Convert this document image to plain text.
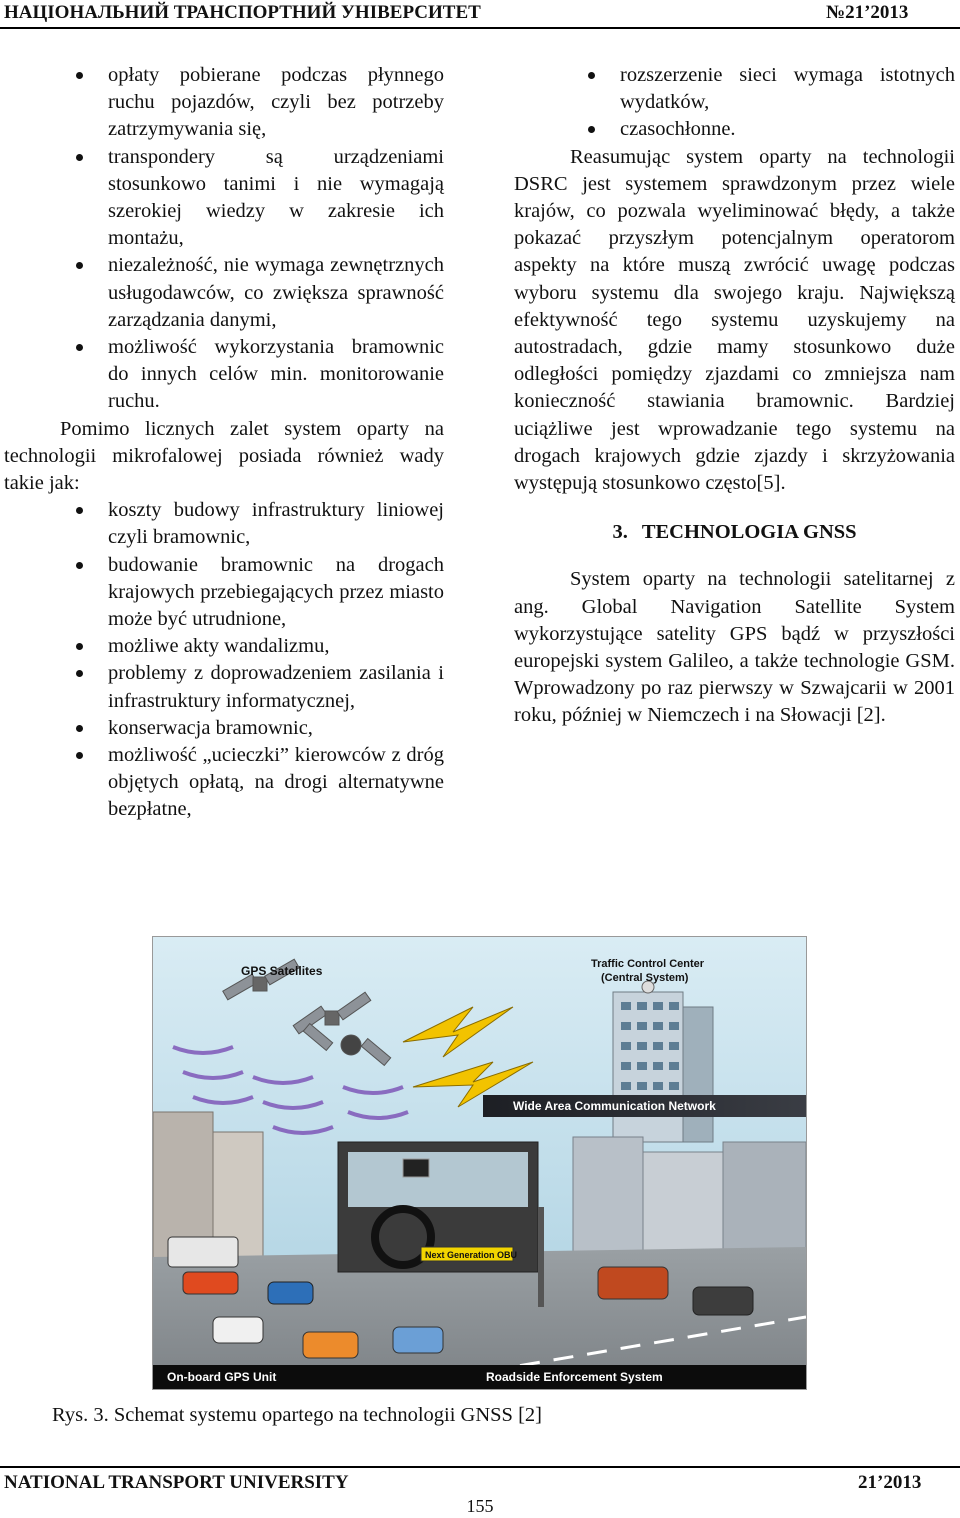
НАЦІОНАЛЬНИЙ ТРАНСПОРТНИЙ УНІВЕРСИТЕТ	№21’2013
opłaty pobierane podczas płynnego ruchu pojazdów, czyli bez potrzeby zatrzymywania się,
transpondery są urządzeniami stosunkowo tanimi i nie wymagają szerokiej wiedzy w zakresie ich montażu,
niezależność, nie wymaga zewnętrznych usługodawców, co zwiększa sprawność zarządzania danymi,
możliwość wykorzystania bramownic do innych celów min. monitorowanie ruchu.

Pomimo licznych zalet system oparty na technologii mikrofalowej posiada również wady takie jak:

koszty budowy infrastruktury liniowej czyli bramownic,
budowanie bramownic na drogach krajowych przebiegających przez miasto może być utrudnione,
możliwe akty wandalizmu,
problemy z doprowadzeniem zasilania i infrastruktury informatycznej,
konserwacja bramownic,
możliwość „ucieczki” kierowców z dróg objętych opłatą, na drogi alternatywne bezpłatne,
rozszerzenie sieci wymaga istotnych wydatków,
czasochłonne.

Reasumując system oparty na technologii DSRC jest systemem sprawdzonym przez wiele krajów, co pozwala wyeliminować błędy, a także pokazać przyszłym potencjalnym operatorom aspekty na które muszą zwrócić uwagę podczas wyboru systemu dla swojego kraju. Największą efektywność tego systemu uzyskujemy na autostradach, gdzie mamy stosunkowo duże odległości pomiędzy zjazdami co zmniejsza nam konieczność stawiania bramownic. Bardziej uciążliwe jest wprowadzanie tego systemu na drogach krajowych gdzie zjazdy i skrzyżowania występują stosunkowo często[5].

3. TECHNOLOGIA GNSS

System oparty na technologii satelitarnej z ang. Global Navigation Satellite System wykorzystujące satelity GPS bądź w przyszłości europejski system Galileo, a także technologie GSM. Wprowadzony po raz pierwszy w Szwajcarii w 2001 roku, później w Niemczech i na Słowacji [2].

GPS Satellites	Traffic Control Center
(Central System)
Wide Area Communication Network
Next Generation OBU
On-board GPS Unit	Roadside Enforcement System
Rys. 3. Schemat systemu opartego na technologii GNSS [2]
NATIONAL TRANSPORT UNIVERSITY	21’2013
155
